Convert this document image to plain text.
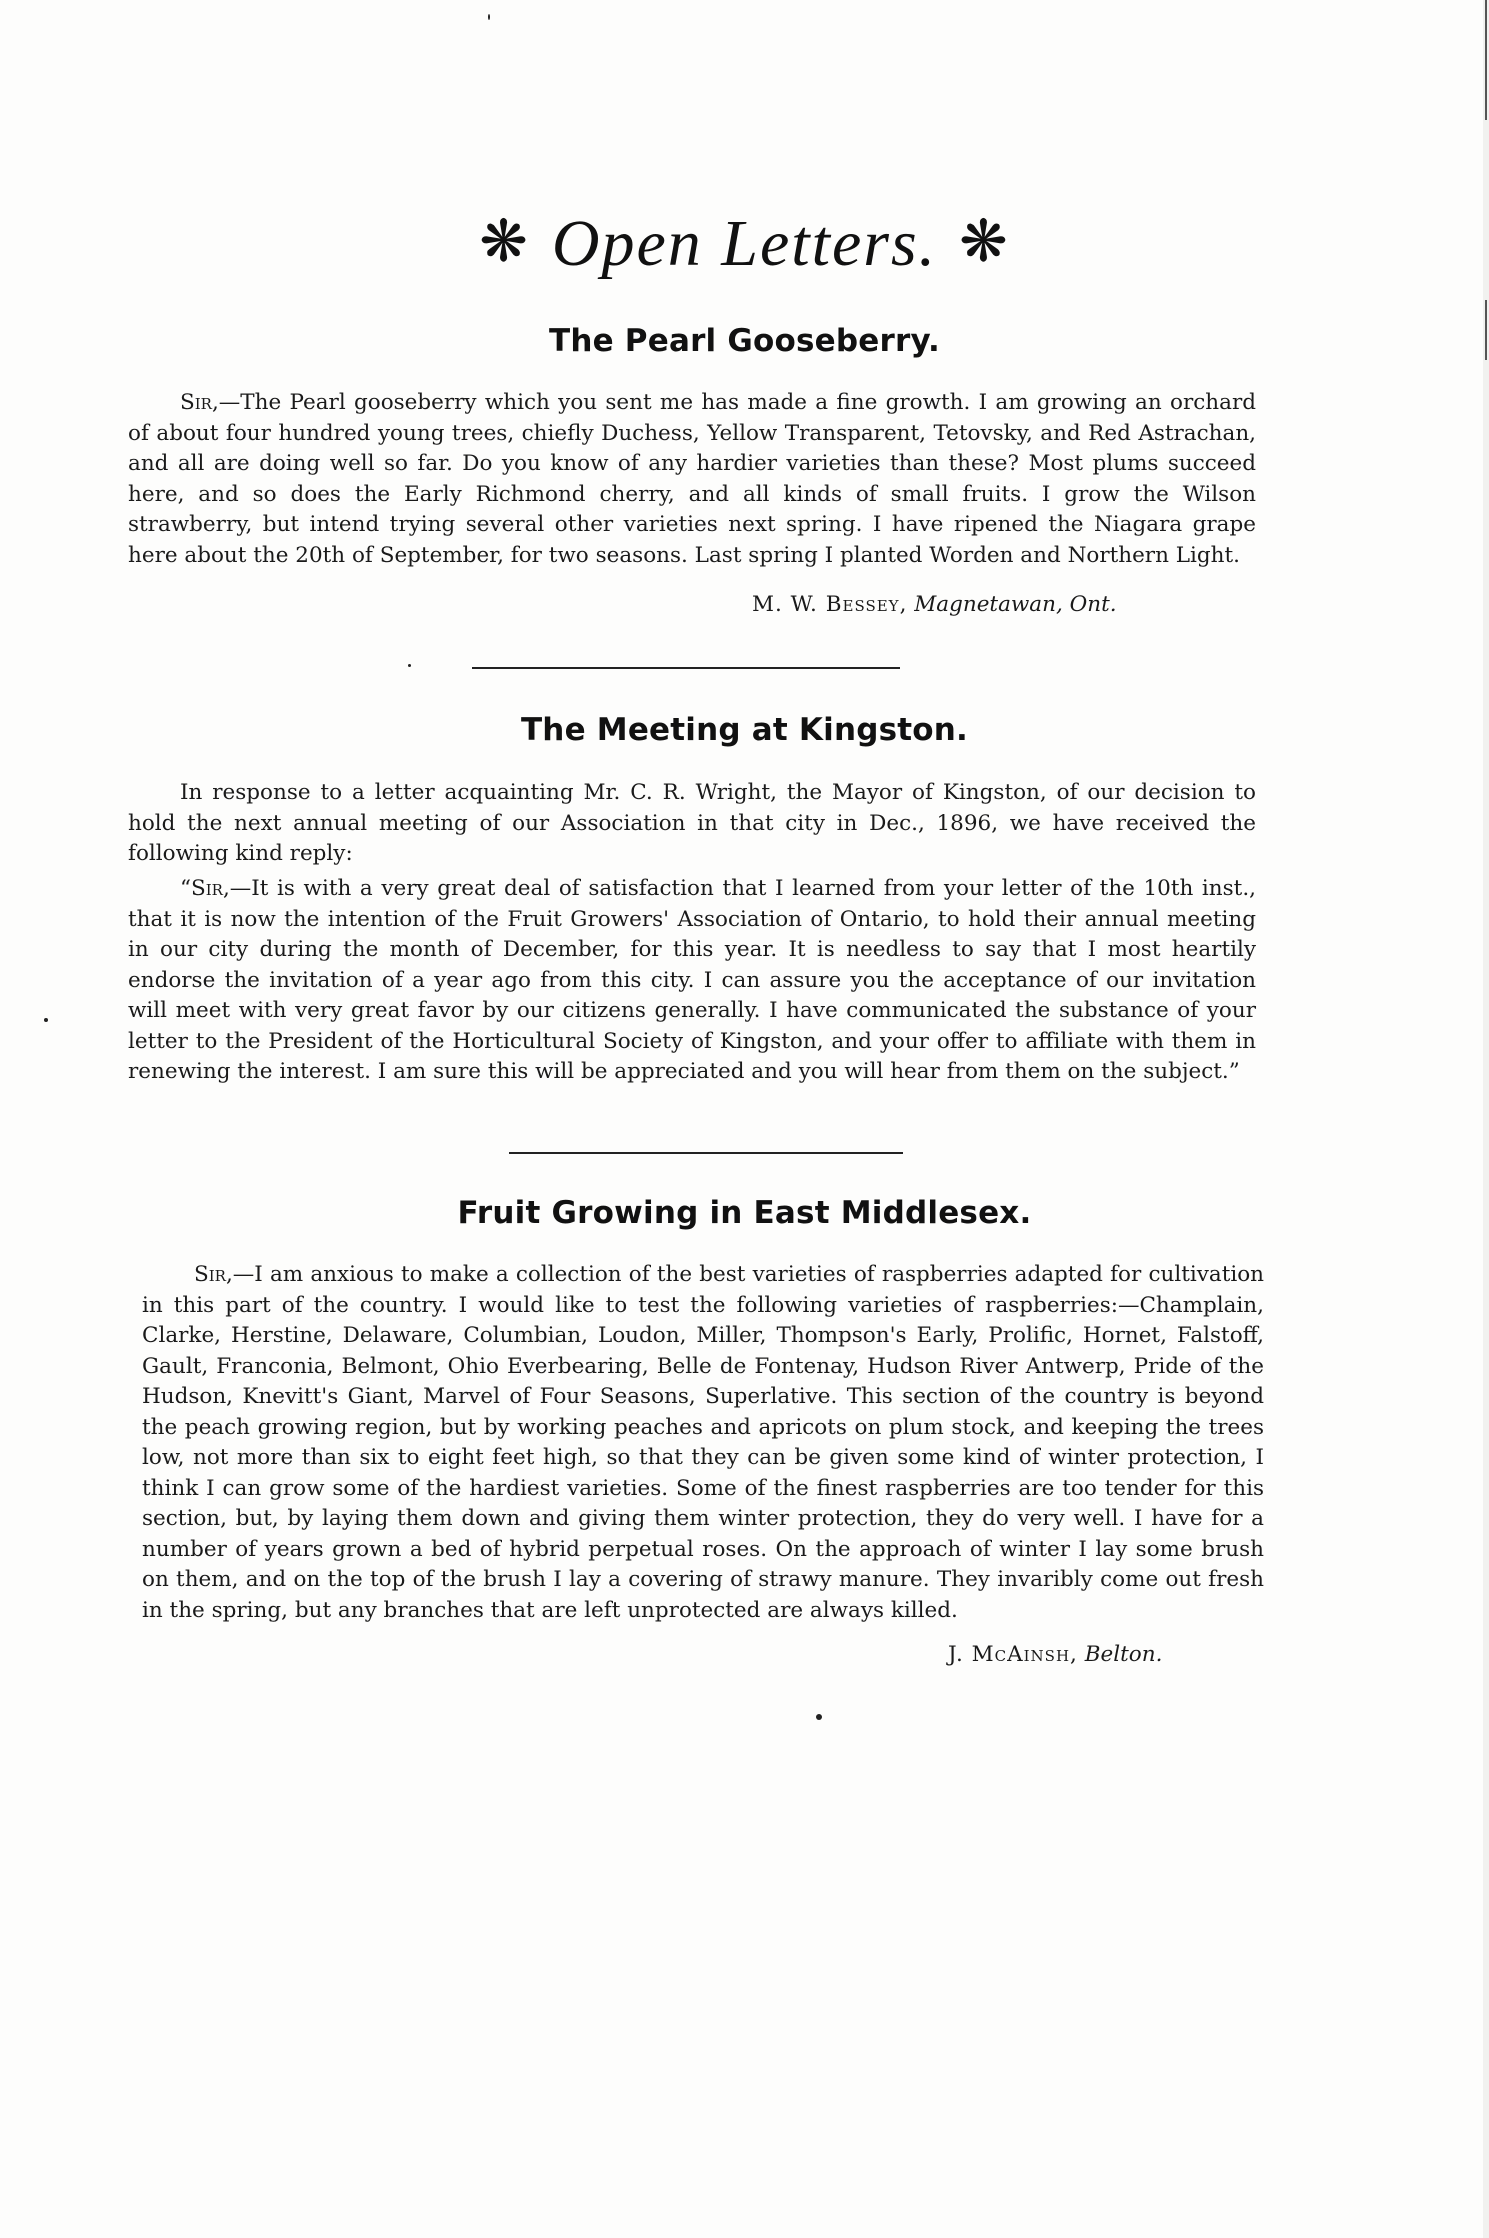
❋ Open Letters. ❋
The Pearl Gooseberry.

Sir,—The Pearl gooseberry which you sent me has made a fine growth. I am growing an orchard of about four hundred young trees, chiefly Duchess, Yellow Transparent, Tetovsky, and Red Astrachan, and all are doing well so far. Do you know of any hardier varieties than these? Most plums succeed here, and so does the Early Richmond cherry, and all kinds of small fruits. I grow the Wilson strawberry, but intend trying several other varieties next spring. I have ripened the Niagara grape here about the 20th of September, for two seasons. Last spring I planted Worden and Northern Light.

M. W. Bessey, Magnetawan, Ont.
The Meeting at Kingston.

In response to a letter acquainting Mr. C. R. Wright, the Mayor of Kingston, of our decision to hold the next annual meeting of our Association in that city in Dec., 1896, we have received the following kind reply:

“Sir,—It is with a very great deal of satisfaction that I learned from your letter of the 10th inst., that it is now the intention of the Fruit Growers' Association of Ontario, to hold their annual meeting in our city during the month of December, for this year. It is needless to say that I most heartily endorse the invitation of a year ago from this city. I can assure you the acceptance of our invitation will meet with very great favor by our citizens generally. I have communicated the substance of your letter to the President of the Horticultural Society of Kingston, and your offer to affiliate with them in renewing the interest. I am sure this will be appreciated and you will hear from them on the subject.”

Fruit Growing in East Middlesex.

Sir,—I am anxious to make a collection of the best varieties of raspberries adapted for cultivation in this part of the country. I would like to test the following varieties of raspberries:—Champlain, Clarke, Herstine, Delaware, Columbian, Loudon, Miller, Thompson's Early, Prolific, Hornet, Falstoff, Gault, Franconia, Belmont, Ohio Everbearing, Belle de Fontenay, Hudson River Antwerp, Pride of the Hudson, Knevitt's Giant, Marvel of Four Seasons, Superlative. This section of the country is beyond the peach growing region, but by working peaches and apricots on plum stock, and keeping the trees low, not more than six to eight feet high, so that they can be given some kind of winter protection, I think I can grow some of the hardiest varieties. Some of the finest raspberries are too tender for this section, but, by laying them down and giving them winter protection, they do very well. I have for a number of years grown a bed of hybrid perpetual roses. On the approach of winter I lay some brush on them, and on the top of the brush I lay a covering of strawy manure. They invaribly come out fresh in the spring, but any branches that are left unprotected are always killed.

J. McAinsh, Belton.
